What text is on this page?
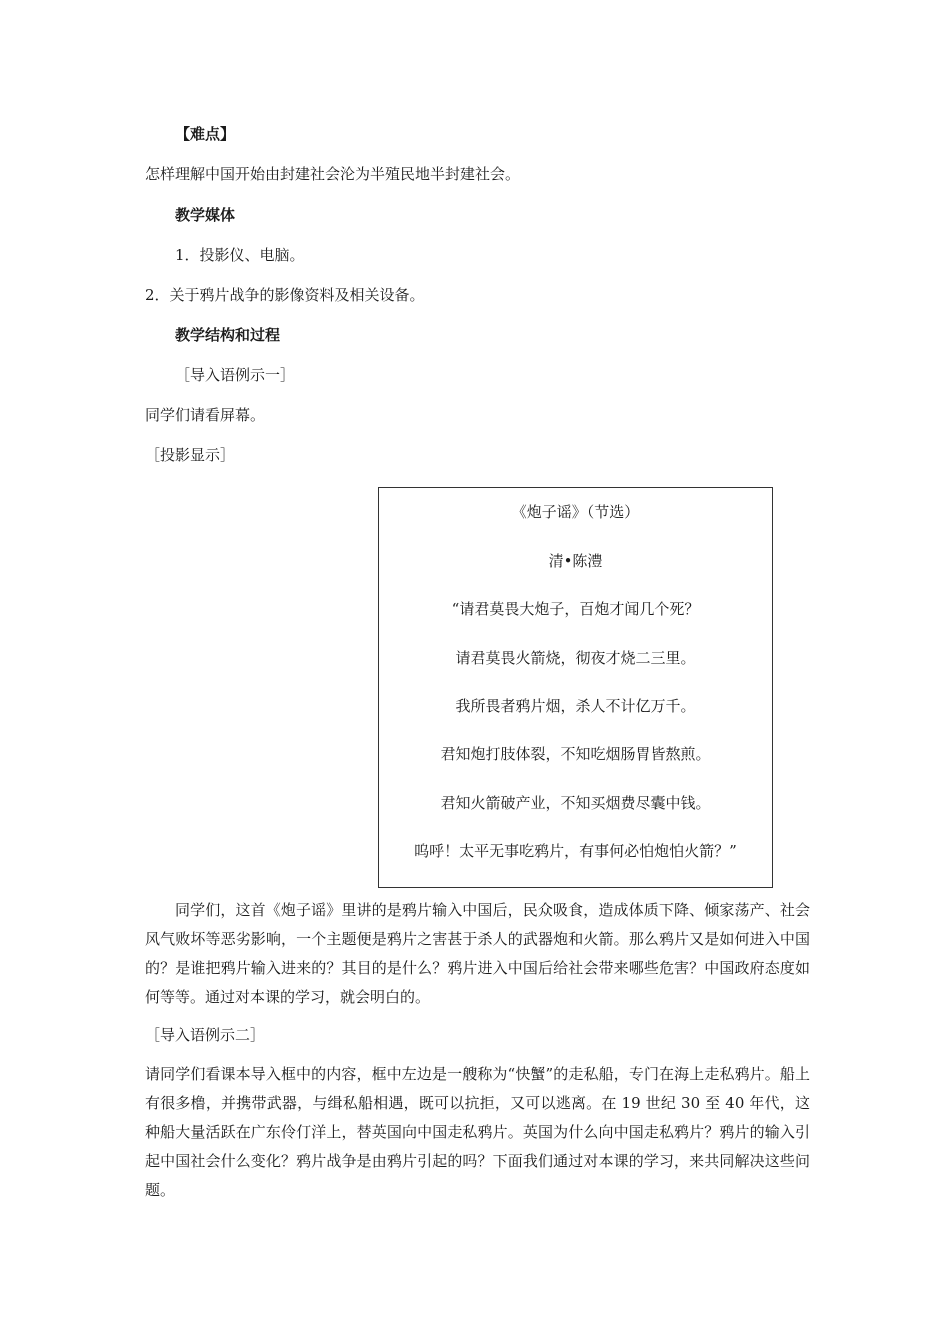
【难点】
怎样理解中国开始由封建社会沦为半殖民地半封建社会。
教学媒体
1．投影仪、电脑。
2．关于鸦片战争的影像资料及相关设备。
教学结构和过程
［导入语例示一］
同学们请看屏幕。
［投影显示］
《炮子谣》（节选）
清•陈澧
“请君莫畏大炮子，百炮才闻几个死？
请君莫畏火箭烧，彻夜才烧二三里。
我所畏者鸦片烟，杀人不计亿万千。
君知炮打肢体裂，不知吃烟肠胃皆熬煎。
君知火箭破产业，不知买烟费尽囊中钱。
呜呼！太平无事吃鸦片，有事何必怕炮怕火箭？”
同学们，这首《炮子谣》里讲的是鸦片输入中国后，民众吸食，造成体质下降、倾家荡产、社会风气败坏等恶劣影响，一个主题便是鸦片之害甚于杀人的武器炮和火箭。那么鸦片又是如何进入中国的？是谁把鸦片输入进来的？其目的是什么？鸦片进入中国后给社会带来哪些危害？中国政府态度如何等等。通过对本课的学习，就会明白的。
［导入语例示二］
请同学们看课本导入框中的内容，框中左边是一艘称为“快蟹”的走私船，专门在海上走私鸦片。船上有很多橹，并携带武器，与缉私船相遇，既可以抗拒，又可以逃离。在 19 世纪 30 至 40 年代，这种船大量活跃在广东伶仃洋上，替英国向中国走私鸦片。英国为什么向中国走私鸦片？鸦片的输入引起中国社会什么变化？鸦片战争是由鸦片引起的吗？下面我们通过对本课的学习，来共同解决这些问题。
